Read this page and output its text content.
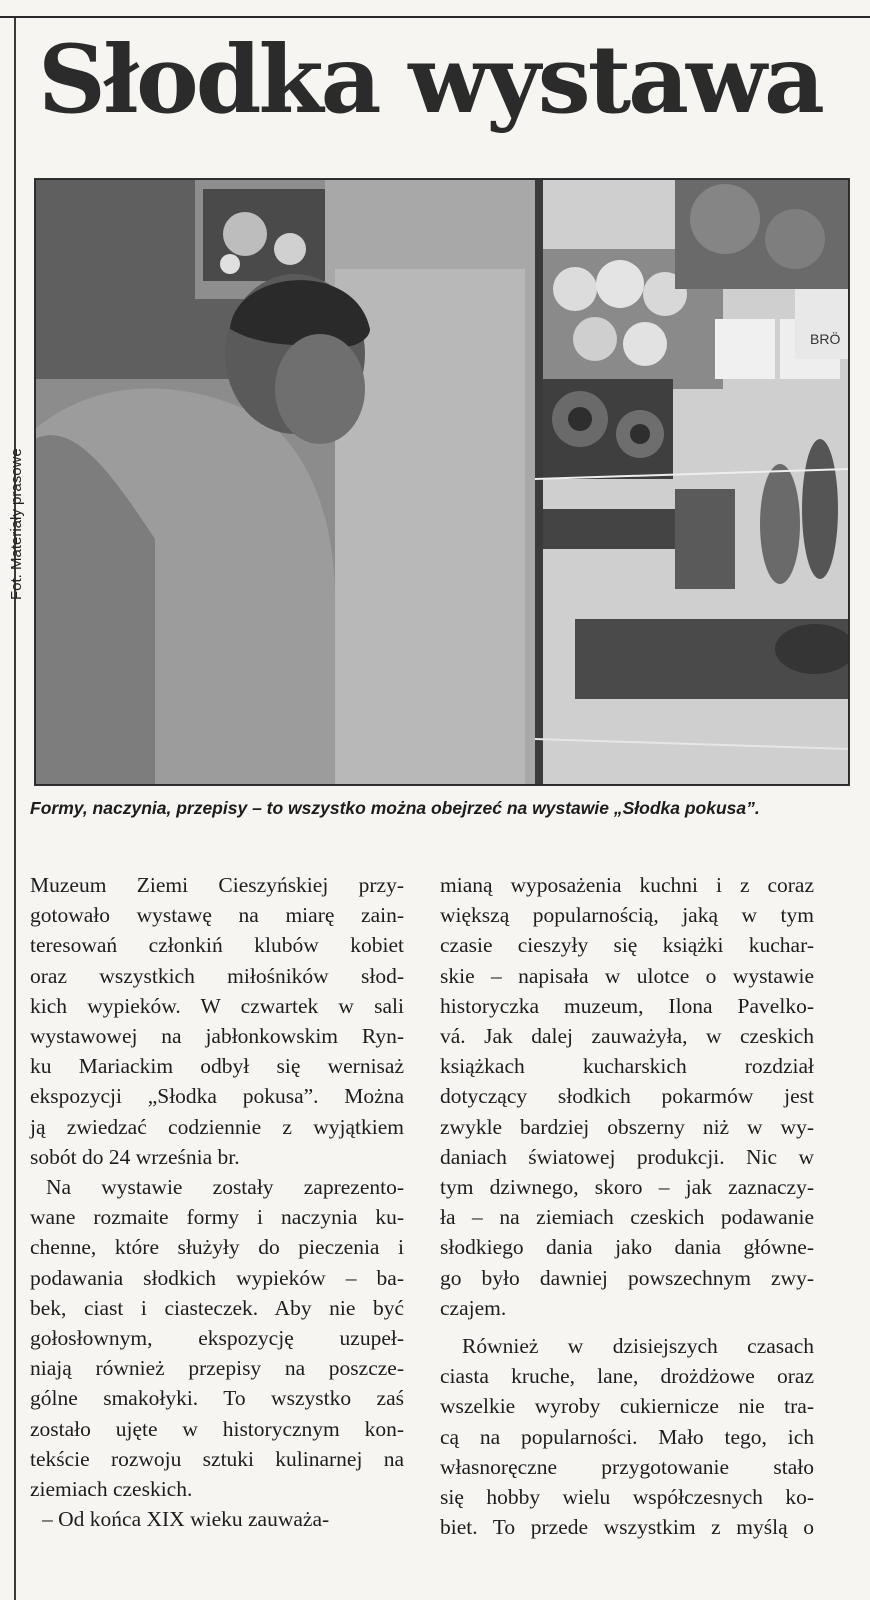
Słodka wystawa
BRÖ
Fot. Materiały prasowe
Formy, naczynia, przepisy – to wszystko można obejrzeć na wystawie „Słodka pokusa”.

Muzeum Ziemi Cieszyńskiej przy-
gotowało wystawę na miarę zain-
teresowań członkiń klubów kobiet
oraz wszystkich miłośników słod-
kich wypieków. W czwartek w sali
wystawowej na jabłonkowskim Ryn-
ku Mariackim odbył się wernisaż
ekspozycji „Słodka pokusa”. Można
ją zwiedzać codziennie z wyjątkiem
sobót do 24 września br.

Na wystawie zostały zaprezento-
wane rozmaite formy i naczynia ku-
chenne, które służyły do pieczenia i
podawania słodkich wypieków – ba-
bek, ciast i ciasteczek. Aby nie być
gołosłownym, ekspozycję uzupeł-
niają również przepisy na poszcze-
gólne smakołyki. To wszystko zaś
zostało ujęte w historycznym kon-
tekście rozwoju sztuki kulinarnej na
ziemiach czeskich.

– Od końca XIX wieku zauważa-

mianą wyposażenia kuchni i z coraz
większą popularnością, jaką w tym
czasie cieszyły się książki kuchar-
skie – napisała w ulotce o wystawie
historyczka muzeum, Ilona Pavelko-
vá. Jak dalej zauważyła, w czeskich
książkach kucharskich rozdział
dotyczący słodkich pokarmów jest
zwykle bardziej obszerny niż w wy-
daniach światowej produkcji. Nic w
tym dziwnego, skoro – jak zaznaczy-
ła – na ziemiach czeskich podawanie
słodkiego dania jako dania główne-
go było dawniej powszechnym zwy-
czajem.

Również w dzisiejszych czasach
ciasta kruche, lane, drożdżowe oraz
wszelkie wyroby cukiernicze nie tra-
cą na popularności. Mało tego, ich
własnoręczne przygotowanie stało
się hobby wielu współczesnych ko-
biet. To przede wszystkim z myślą o
